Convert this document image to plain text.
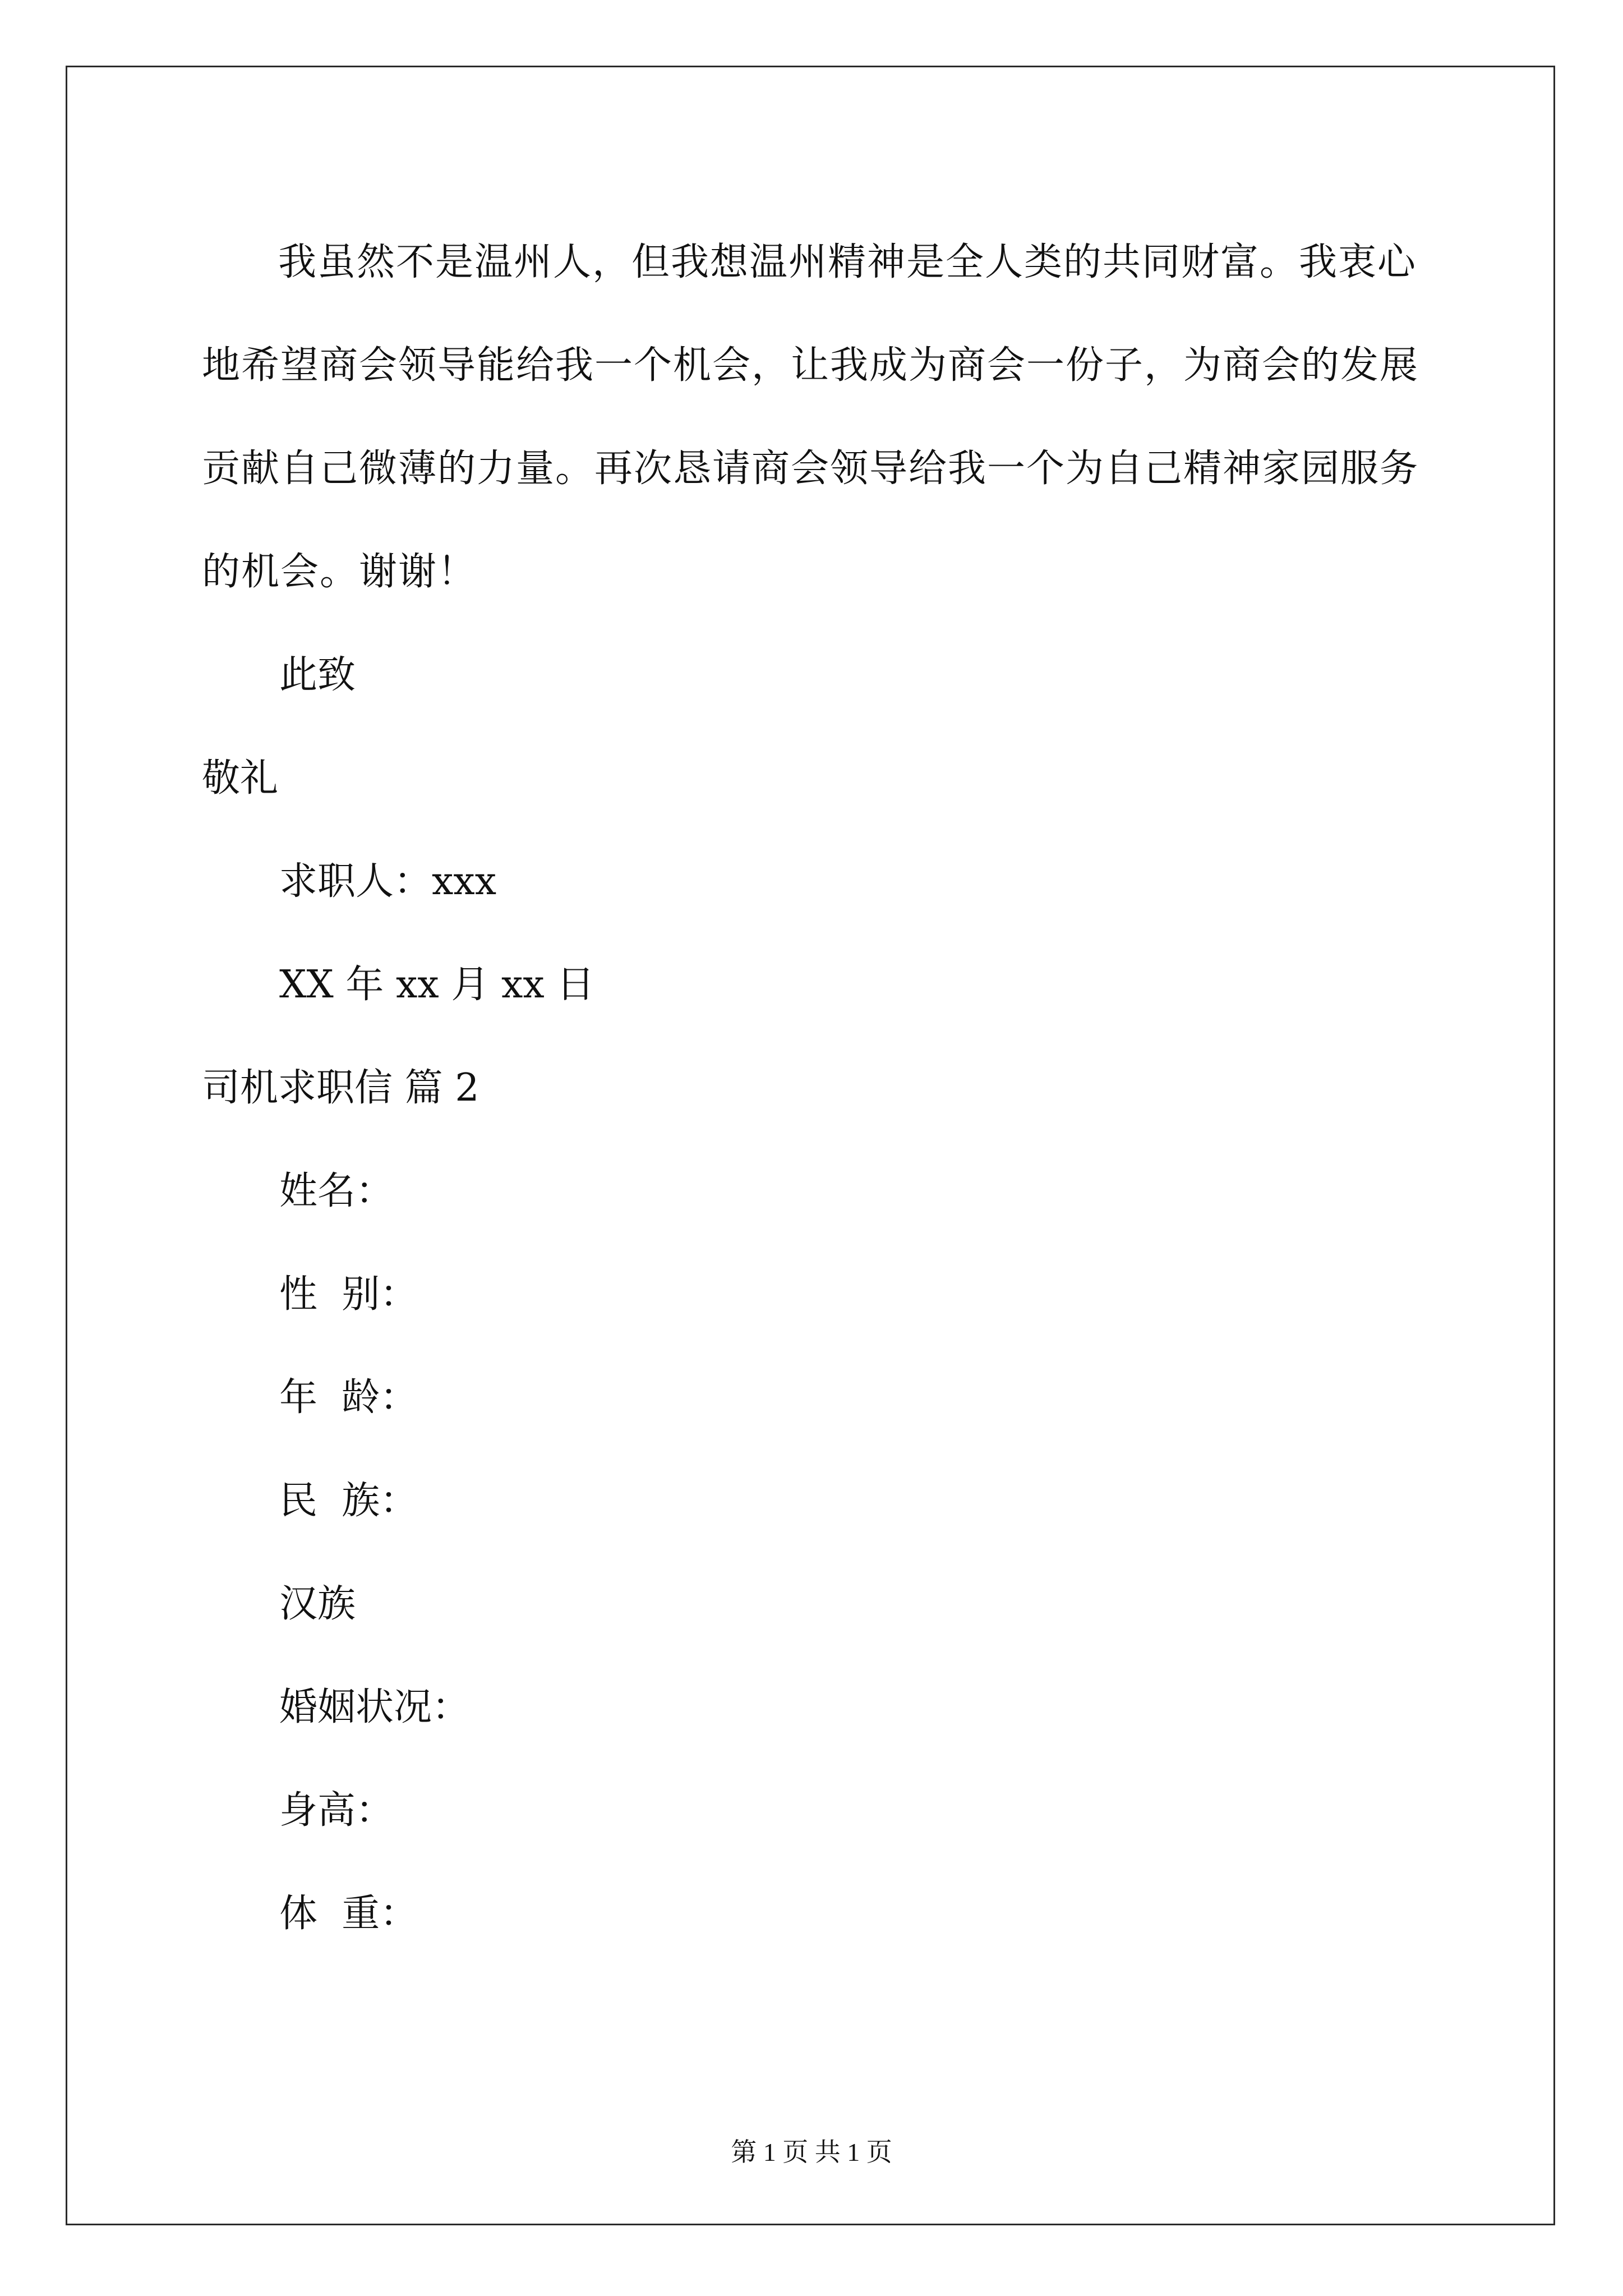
我虽然不是温州人，但我想温州精神是全人类的共同财富。我衷心地希望商会领导能给我一个机会，让我成为商会一份子，为商会的发展贡献自己微薄的力量。再次恳请商会领导给我一个为自己精神家园服务的机会。谢谢！

此致

敬礼

求职人：xxx

XX 年 xx 月 xx 日

司机求职信 篇 2

姓名：

性  别：

年  龄：

民  族：

汉族

婚姻状况：

身高：

体  重：

第 1 页 共 1 页
